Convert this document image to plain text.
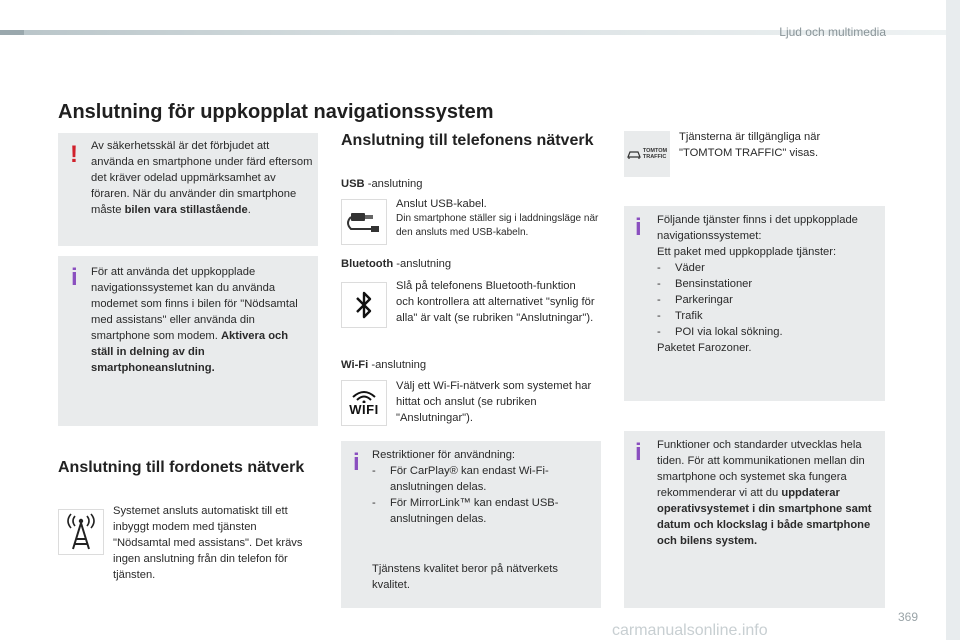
Ljud och multimedia
Anslutning för uppkopplat navigationssystem
! Av säkerhetsskäl är det förbjudet att använda en smartphone under färd eftersom det kräver odelad uppmärksamhet av föraren. När du använder din smartphone måste bilen vara stillastående.
i För att använda det uppkopplade navigationssystemet kan du använda modemet som finns i bilen för "Nödsamtal med assistans" eller använda din smartphone som modem. Aktivera och ställ in delning av din smartphoneanslutning.
Anslutning till fordonets nätverk
Systemet ansluts automatiskt till ett inbyggt modem med tjänsten "Nödsamtal med assistans". Det krävs ingen anslutning från din telefon för tjänsten.
Anslutning till telefonens nätverk
USB -anslutning
Anslut USB-kabel.
Din smartphone ställer sig i laddningsläge när den ansluts med USB-kabeln.
Bluetooth -anslutning
Slå på telefonens Bluetooth-funktion och kontrollera att alternativet "synlig för alla" är valt (se rubriken "Anslutningar").
Wi-Fi -anslutning
WIFI
Välj ett Wi-Fi-nätverk som systemet har hittat och anslut (se rubriken "Anslutningar").
i Restriktioner för användning:
- För CarPlay® kan endast Wi-Fi-anslutningen delas.
- För MirrorLink™ kan endast USB-anslutningen delas.
Tjänstens kvalitet beror på nätverkets kvalitet.
TOMTOM
TRAFFIC
Tjänsterna är tillgängliga när "TOMTOM TRAFFIC" visas.
i Följande tjänster finns i det uppkopplade navigationssystemet:
Ett paket med uppkopplade tjänster:
- Väder
- Bensinstationer
- Parkeringar
- Trafik
- POI via lokal sökning.
Paketet Farozoner.
i Funktioner och standarder utvecklas hela tiden. För att kommunikationen mellan din smartphone och systemet ska fungera rekommenderar vi att du uppdaterar operativsystemet i din smartphone samt datum och klockslag i både smartphone och bilens system.
369
carmanualsonline.info
